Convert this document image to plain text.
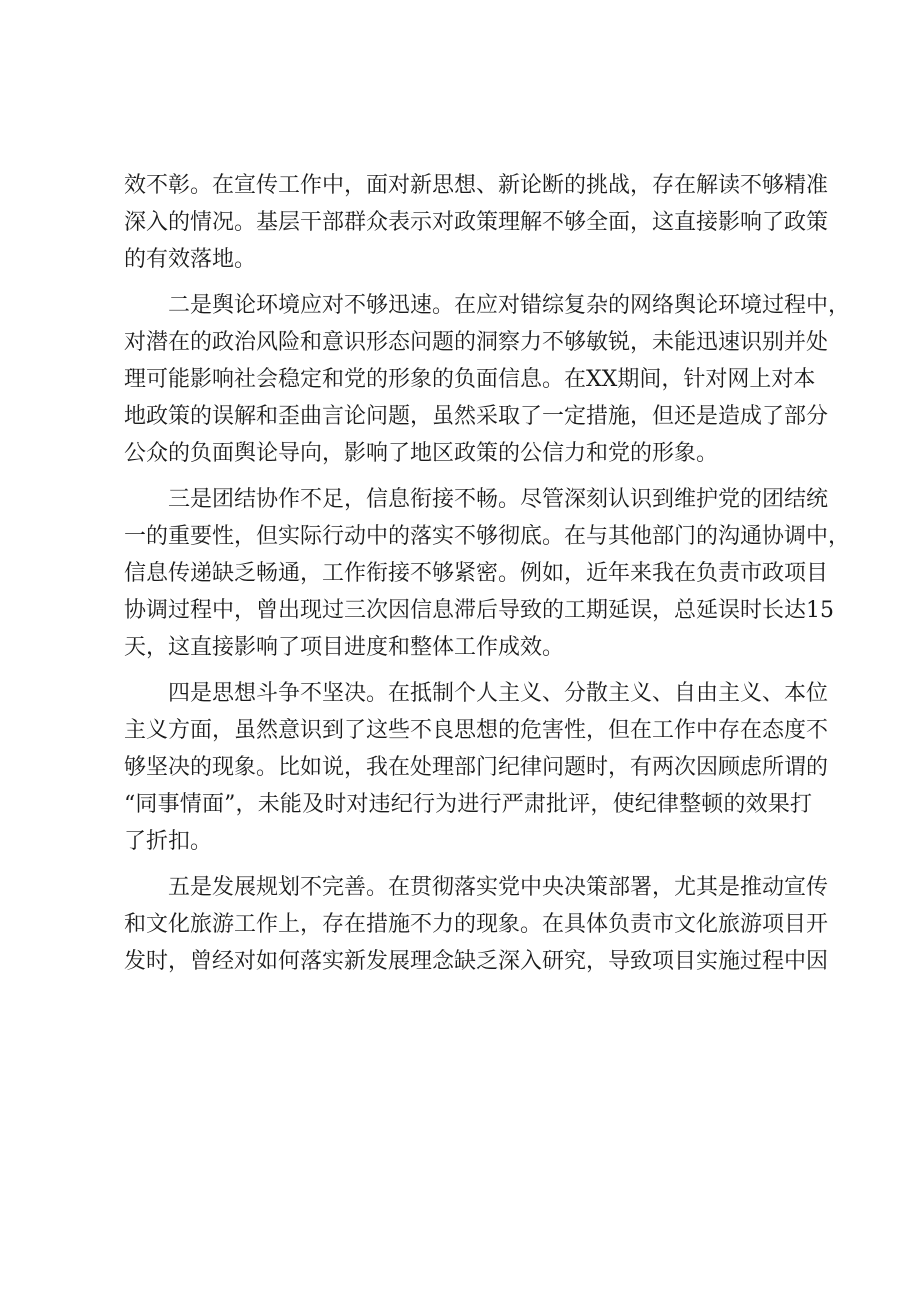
效不彰。在宣传工作中，面对新思想、新论断的挑战，存在解读不够精准
深入的情况。基层干部群众表示对政策理解不够全面，这直接影响了政策
的有效落地。
二是舆论环境应对不够迅速。在应对错综复杂的网络舆论环境过程中，
对潜在的政治风险和意识形态问题的洞察力不够敏锐，未能迅速识别并处
理可能影响社会稳定和党的形象的负面信息。在XX期间，针对网上对本
地政策的误解和歪曲言论问题，虽然采取了一定措施，但还是造成了部分
公众的负面舆论导向，影响了地区政策的公信力和党的形象。
三是团结协作不足，信息衔接不畅。尽管深刻认识到维护党的团结统
一的重要性，但实际行动中的落实不够彻底。在与其他部门的沟通协调中，
信息传递缺乏畅通，工作衔接不够紧密。例如，近年来我在负责市政项目
协调过程中，曾出现过三次因信息滞后导致的工期延误，总延误时长达15
天，这直接影响了项目进度和整体工作成效。
四是思想斗争不坚决。在抵制个人主义、分散主义、自由主义、本位
主义方面，虽然意识到了这些不良思想的危害性，但在工作中存在态度不
够坚决的现象。比如说，我在处理部门纪律问题时，有两次因顾虑所谓的
“同事情面”，未能及时对违纪行为进行严肃批评，使纪律整顿的效果打
了折扣。
五是发展规划不完善。在贯彻落实党中央决策部署，尤其是推动宣传
和文化旅游工作上，存在措施不力的现象。在具体负责市文化旅游项目开
发时，曾经对如何落实新发展理念缺乏深入研究，导致项目实施过程中因
